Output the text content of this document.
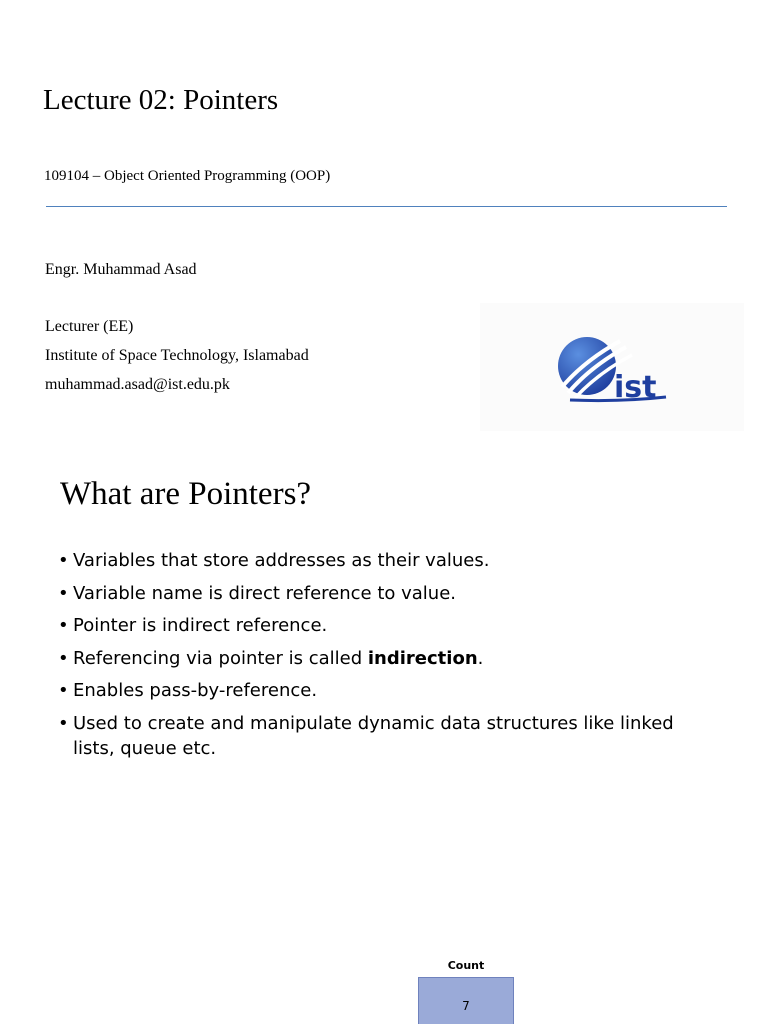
Lecture 02: Pointers
109104 – Object Oriented Programming (OOP)
Engr. Muhammad Asad
Lecturer (EE)
Institute of Space Technology, Islamabad
muhammad.asad@ist.edu.pk	ist
What are Pointers?
• Variables that store addresses as their values.
• Variable name is direct reference to value.
• Pointer is indirect reference.
• Referencing via pointer is called indirection.
• Enables pass-by-reference.
• Used to create and manipulate dynamic data structures like linked lists, queue etc.
Count
7
